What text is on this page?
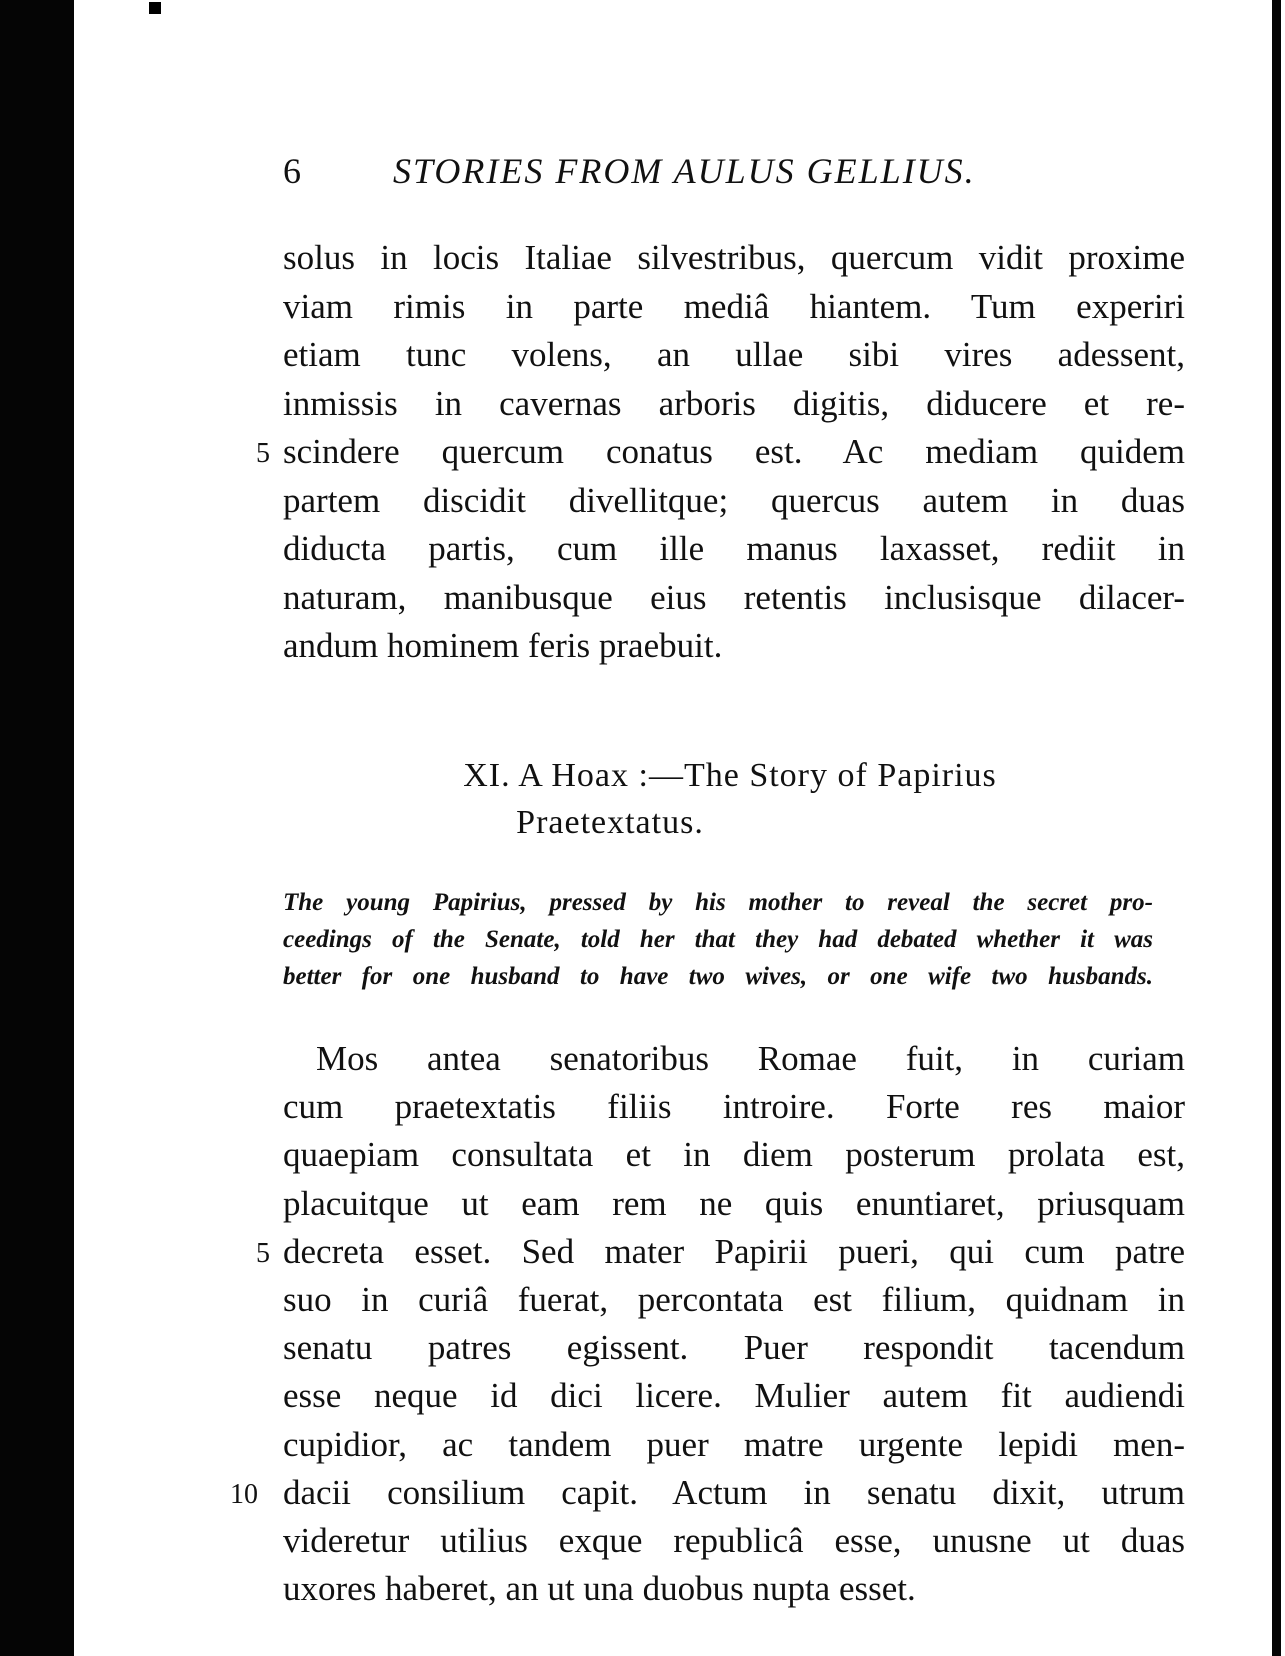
6	STORIES FROM AULUS GELLIUS.
solus in locis Italiae silvestribus, quercum vidit proxime
viam rimis in parte mediâ hiantem. Tum experiri
etiam tunc volens, an ullae sibi vires adessent,
inmissis in cavernas arboris digitis, diducere et re-
scindere quercum conatus est. Ac mediam quidem
5
partem discidit divellitque; quercus autem in duas
diducta partis, cum ille manus laxasset, rediit in
naturam, manibusque eius retentis inclusisque dilacer-
andum hominem feris praebuit.
XI. A Hoax :—The Story of Papirius
Praetextatus.
The young Papirius, pressed by his mother to reveal the secret pro-
ceedings of the Senate, told her that they had debated whether it was
better for one husband to have two wives, or one wife two husbands.
Mos antea senatoribus Romae fuit, in curiam
cum praetextatis filiis introire. Forte res maior
quaepiam consultata et in diem posterum prolata est,
placuitque ut eam rem ne quis enuntiaret, priusquam
decreta esset. Sed mater Papirii pueri, qui cum patre
5
suo in curiâ fuerat, percontata est filium, quidnam in
senatu patres egissent. Puer respondit tacendum
esse neque id dici licere. Mulier autem fit audiendi
cupidior, ac tandem puer matre urgente lepidi men-
dacii consilium capit. Actum in senatu dixit, utrum
10
videretur utilius exque republicâ esse, unusne ut duas
uxores haberet, an ut una duobus nupta esset.
